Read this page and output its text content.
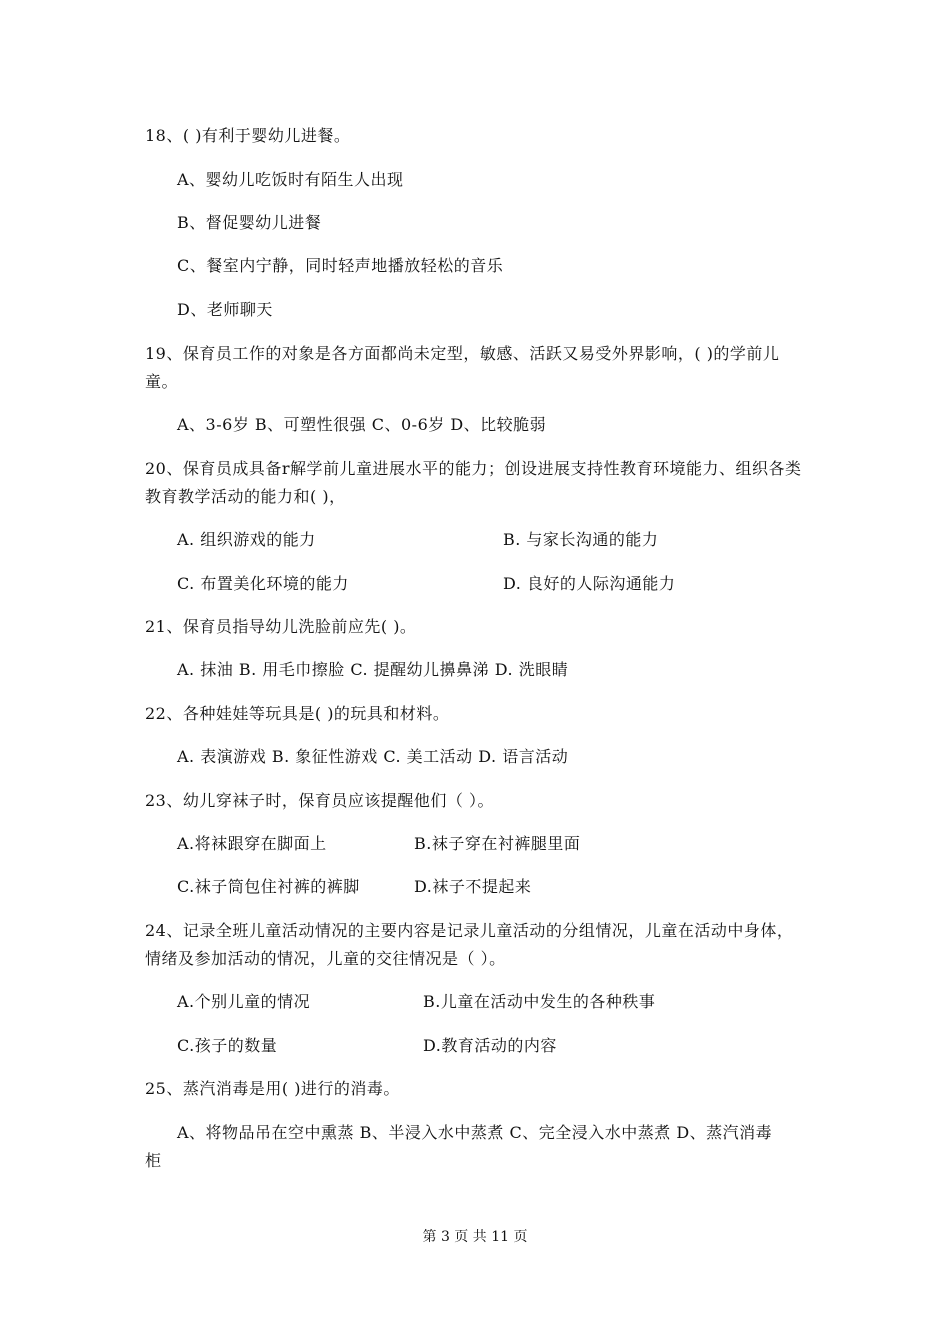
18、( )有利于婴幼儿进餐。
A、婴幼儿吃饭时有陌生人出现
B、督促婴幼儿进餐
C、餐室内宁静，同时轻声地播放轻松的音乐
D、老师聊天
19、保育员工作的对象是各方面都尚未定型，敏感、活跃又易受外界影响，( )的学前儿
童。
A、3-6岁 B、可塑性很强 C、0-6岁 D、比较脆弱
20、保育员成具备r解学前儿童进展水平的能力；创设进展支持性教育环境能力、组织各类
教育教学活动的能力和( )，
A. 组织游戏的能力	B. 与家长沟通的能力
C. 布置美化环境的能力	D. 良好的人际沟通能力
21、保育员指导幼儿洗脸前应先( )。
A. 抹油 B. 用毛巾擦脸 C. 提醒幼儿擤鼻涕 D. 洗眼睛
22、各种娃娃等玩具是( )的玩具和材料。
A. 表演游戏 B. 象征性游戏 C. 美工活动 D. 语言活动
23、幼儿穿袜子时，保育员应该提醒他们（ ）。
A.将袜跟穿在脚面上	B.袜子穿在衬裤腿里面
C.袜子筒包住衬裤的裤脚	D.袜子不提起来
24、记录全班儿童活动情况的主要内容是记录儿童活动的分组情况，儿童在活动中身体，
情绪及参加活动的情况，儿童的交往情况是（ ）。
A.个别儿童的情况	B.儿童在活动中发生的各种秩事
C.孩子的数量	D.教育活动的内容
25、蒸汽消毒是用( )进行的消毒。
A、将物品吊在空中熏蒸 B、半浸入水中蒸煮 C、完全浸入水中蒸煮 D、蒸汽消毒
柜
第 3 页 共 11 页
